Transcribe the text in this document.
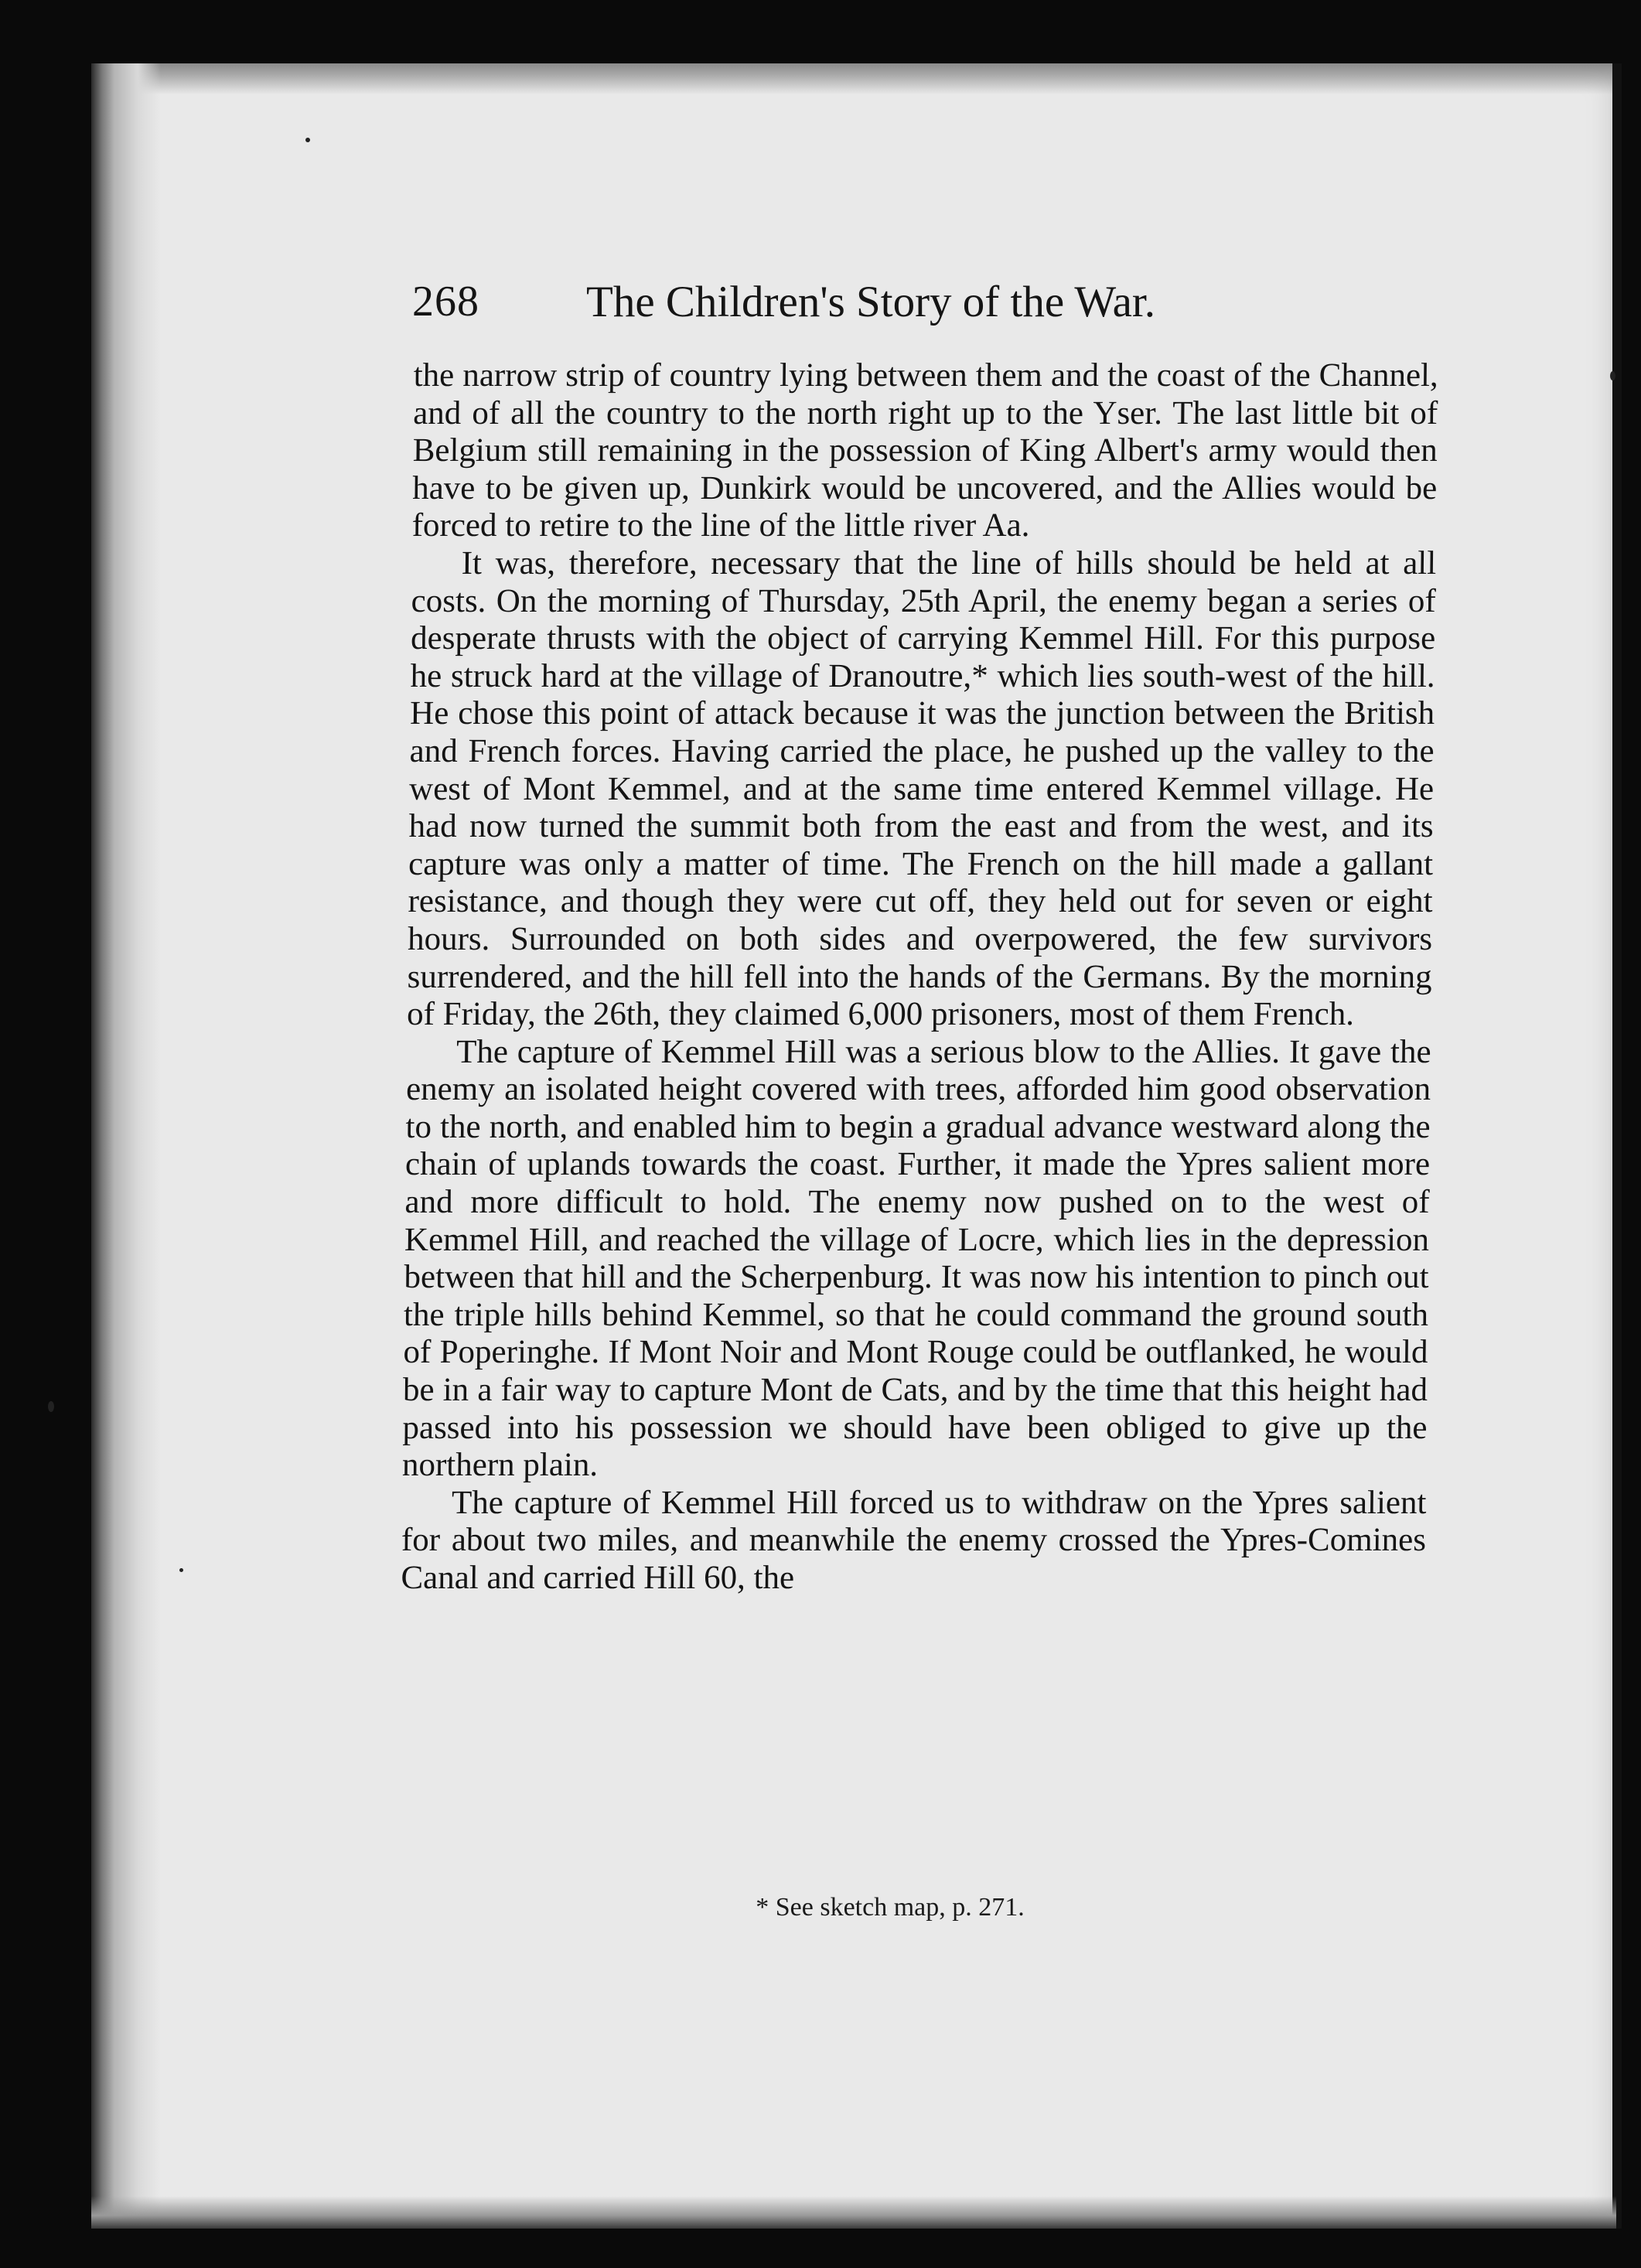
268 The Children's Story of the War.

the narrow strip of country lying between them and the coast of the Channel, and of all the country to the north right up to the Yser. The last little bit of Belgium still remaining in the possession of King Albert's army would then have to be given up, Dunkirk would be uncovered, and the Allies would be forced to retire to the line of the little river Aa.

It was, therefore, necessary that the line of hills should be held at all costs. On the morning of Thursday, 25th April, the enemy began a series of desperate thrusts with the object of carrying Kemmel Hill. For this purpose he struck hard at the village of Dranoutre,* which lies south-west of the hill. He chose this point of attack because it was the junction between the British and French forces. Having carried the place, he pushed up the valley to the west of Mont Kemmel, and at the same time entered Kemmel village. He had now turned the summit both from the east and from the west, and its capture was only a matter of time. The French on the hill made a gallant resistance, and though they were cut off, they held out for seven or eight hours. Surrounded on both sides and overpowered, the few survivors surrendered, and the hill fell into the hands of the Germans. By the morning of Friday, the 26th, they claimed 6,000 prisoners, most of them French.

The capture of Kemmel Hill was a serious blow to the Allies. It gave the enemy an isolated height covered with trees, afforded him good observation to the north, and enabled him to begin a gradual advance westward along the chain of uplands towards the coast. Further, it made the Ypres salient more and more difficult to hold. The enemy now pushed on to the west of Kemmel Hill, and reached the village of Locre, which lies in the depression between that hill and the Scherpenburg. It was now his intention to pinch out the triple hills behind Kemmel, so that he could command the ground south of Poperinghe. If Mont Noir and Mont Rouge could be outflanked, he would be in a fair way to capture Mont de Cats, and by the time that this height had passed into his possession we should have been obliged to give up the northern plain.

The capture of Kemmel Hill forced us to withdraw on the Ypres salient for about two miles, and meanwhile the enemy crossed the Ypres-Comines Canal and carried Hill 60, the

* See sketch map, p. 271.
